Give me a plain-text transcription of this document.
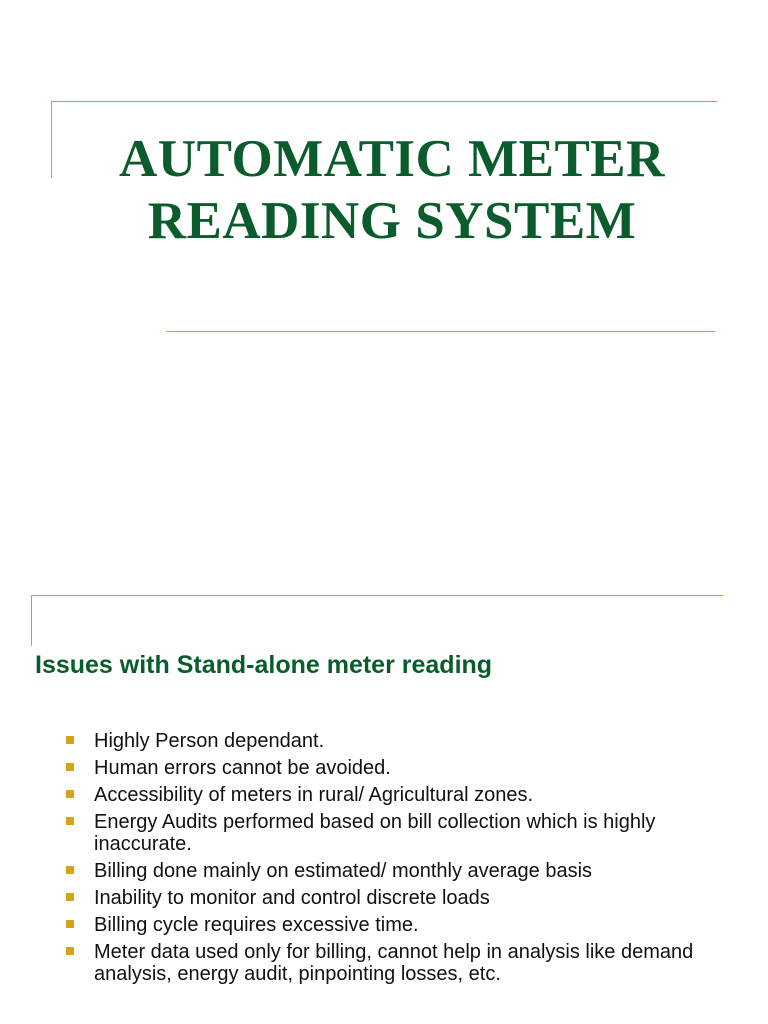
AUTOMATIC METER
READING SYSTEM
Issues with Stand-alone meter reading
Highly Person dependant.
Human errors cannot be avoided.
Accessibility of meters in rural/ Agricultural zones.
Energy Audits performed based on bill collection which is highly inaccurate.
Billing done mainly on estimated/ monthly average basis
Inability to monitor and control discrete loads
Billing cycle requires excessive time.
Meter data used only for billing, cannot help in analysis like demand analysis, energy audit, pinpointing losses, etc.
